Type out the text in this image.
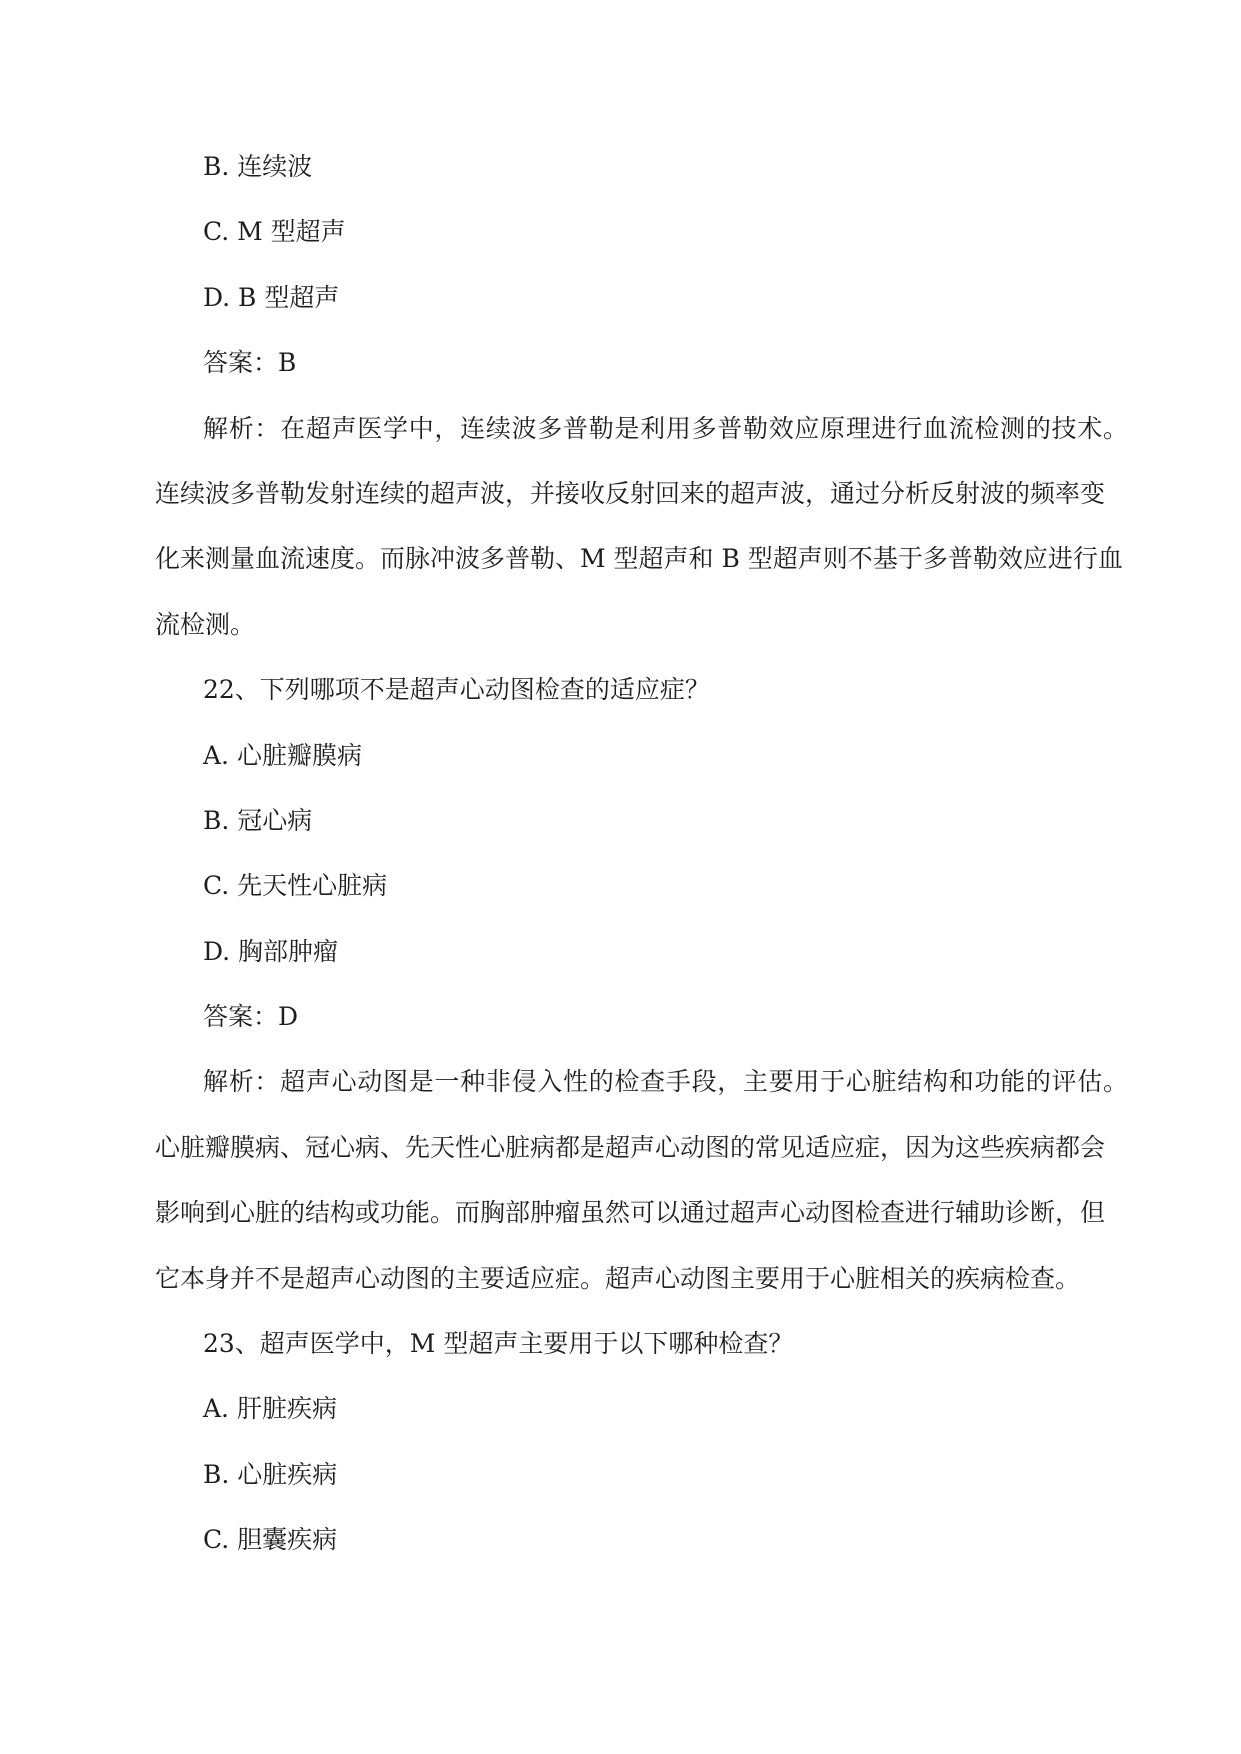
B. 连续波
C. M 型超声
D. B 型超声
答案：B
解析：在超声医学中，连续波多普勒是利用多普勒效应原理进行血流检测的技术。
连续波多普勒发射连续的超声波，并接收反射回来的超声波，通过分析反射波的频率变
化来测量血流速度。而脉冲波多普勒、M 型超声和 B 型超声则不基于多普勒效应进行血
流检测。
22、下列哪项不是超声心动图检查的适应症？
A. 心脏瓣膜病
B. 冠心病
C. 先天性心脏病
D. 胸部肿瘤
答案：D
解析：超声心动图是一种非侵入性的检查手段，主要用于心脏结构和功能的评估。
心脏瓣膜病、冠心病、先天性心脏病都是超声心动图的常见适应症，因为这些疾病都会
影响到心脏的结构或功能。而胸部肿瘤虽然可以通过超声心动图检查进行辅助诊断，但
它本身并不是超声心动图的主要适应症。超声心动图主要用于心脏相关的疾病检查。
23、超声医学中，M 型超声主要用于以下哪种检查？
A. 肝脏疾病
B. 心脏疾病
C. 胆囊疾病
